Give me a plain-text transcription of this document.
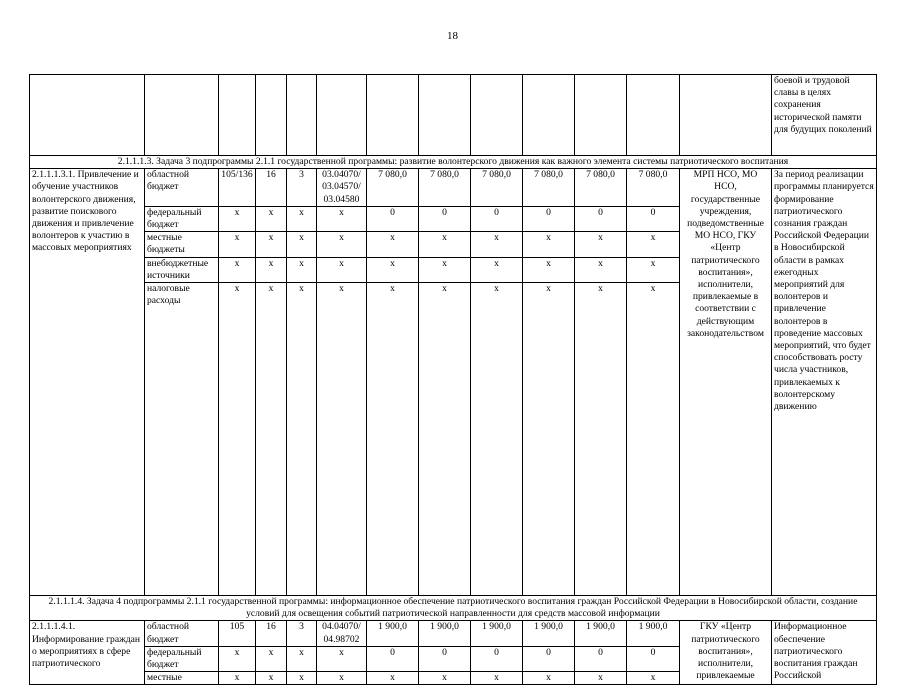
18
													боевой и трудовой славы в целях сохранения исторической памяти для будущих поколений
2.1.1.1.3. Задача 3 подпрограммы 2.1.1 государственной программы: развитие волонтерского движения как важного элемента системы патриотического воспитания													
2.1.1.1.3.1. Привлечение и обучение участников волонтерского движения, развитие поискового движения и привлечение волонтеров к участию в массовых мероприятиях	областной бюджет	105/136	16	3	03.04070/ 03.04570/ 03.04580	7 080,0	7 080,0	7 080,0	7 080,0	7 080,0	7 080,0	МРП НСО, МО НСО, государственные учреждения, подведомственные МО НСО, ГКУ «Центр патриотического воспитания», исполнители, привлекаемые в соответствии с действующим законодательством	За период реализации программы планируется формирование патриотического сознания граждан Российской Федерации в Новосибирской области в рамках ежегодных мероприятий для волонтеров и привлечение волонтеров в проведение массовых мероприятий, что будет способствовать росту числа участников, привлекаемых к волонтерскому движению
	федеральный бюджет	x	x	x	x	0	0	0	0	0	0		
	местные бюджеты	x	x	x	x	x	x	x	x	x	x		
	внебюджетные источники	x	x	x	x	x	x	x	x	x	x		
	налоговые расходы	x	x	x	x	x	x	x	x	x	x		
2.1.1.1.4. Задача 4 подпрограммы 2.1.1 государственной программы: информационное обеспечение патриотического воспитания граждан Российской Федерации в Новосибирской области, создание условий для освещения событий патриотической направленности для средств массовой информации													
2.1.1.1.4.1. Информирование граждан о мероприятиях в сфере патриотического	областной бюджет	105	16	3	04.04070/ 04.98702	1 900,0	1 900,0	1 900,0	1 900,0	1 900,0	1 900,0	ГКУ «Центр патриотического воспитания», исполнители, привлекаемые	Информационное обеспечение патриотического воспитания граждан Российской
	федеральный бюджет	x	x	x	x	0	0	0	0	0	0		
	местные	x	x	x	x	x	x	x	x	x	x		
